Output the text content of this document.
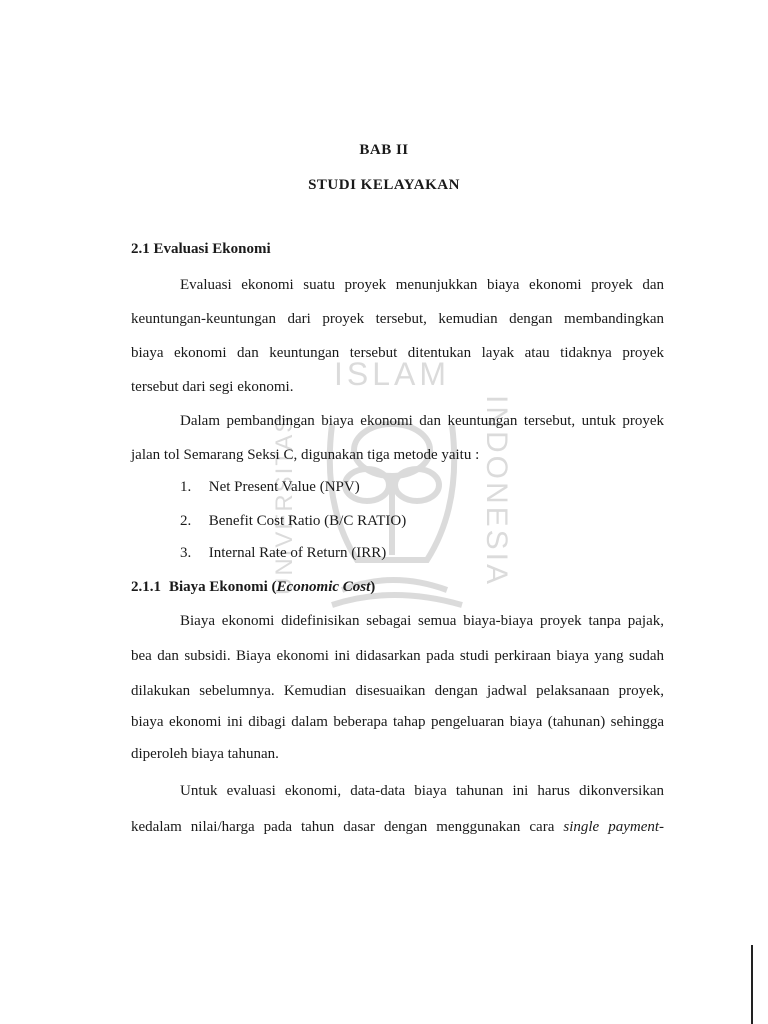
ISLAM
INDONESIA
UNIVERSITAS
BAB II
STUDI KELAYAKAN
2.1 Evaluasi Ekonomi
Evaluasi ekonomi suatu proyek menunjukkan biaya ekonomi proyek dan
keuntungan-keuntungan dari proyek tersebut, kemudian dengan membandingkan
biaya ekonomi dan keuntungan tersebut ditentukan layak atau tidaknya proyek
tersebut dari segi ekonomi.
Dalam pembandingan biaya ekonomi dan keuntungan tersebut, untuk proyek
jalan tol Semarang Seksi C, digunakan tiga metode yaitu :
1. Net Present Value (NPV)
2. Benefit Cost Ratio (B/C RATIO)
3. Internal Rate of Return (IRR)
2.1.1 Biaya Ekonomi (Economic Cost)
Biaya ekonomi didefinisikan sebagai semua biaya-biaya proyek tanpa pajak,
bea dan subsidi. Biaya ekonomi ini didasarkan pada studi perkiraan biaya yang sudah
dilakukan sebelumnya. Kemudian disesuaikan dengan jadwal pelaksanaan proyek,
biaya ekonomi ini dibagi dalam beberapa tahap pengeluaran biaya (tahunan) sehingga
diperoleh biaya tahunan.
Untuk evaluasi ekonomi, data-data biaya tahunan ini harus dikonversikan
kedalam nilai/harga pada tahun dasar dengan menggunakan cara single payment-
